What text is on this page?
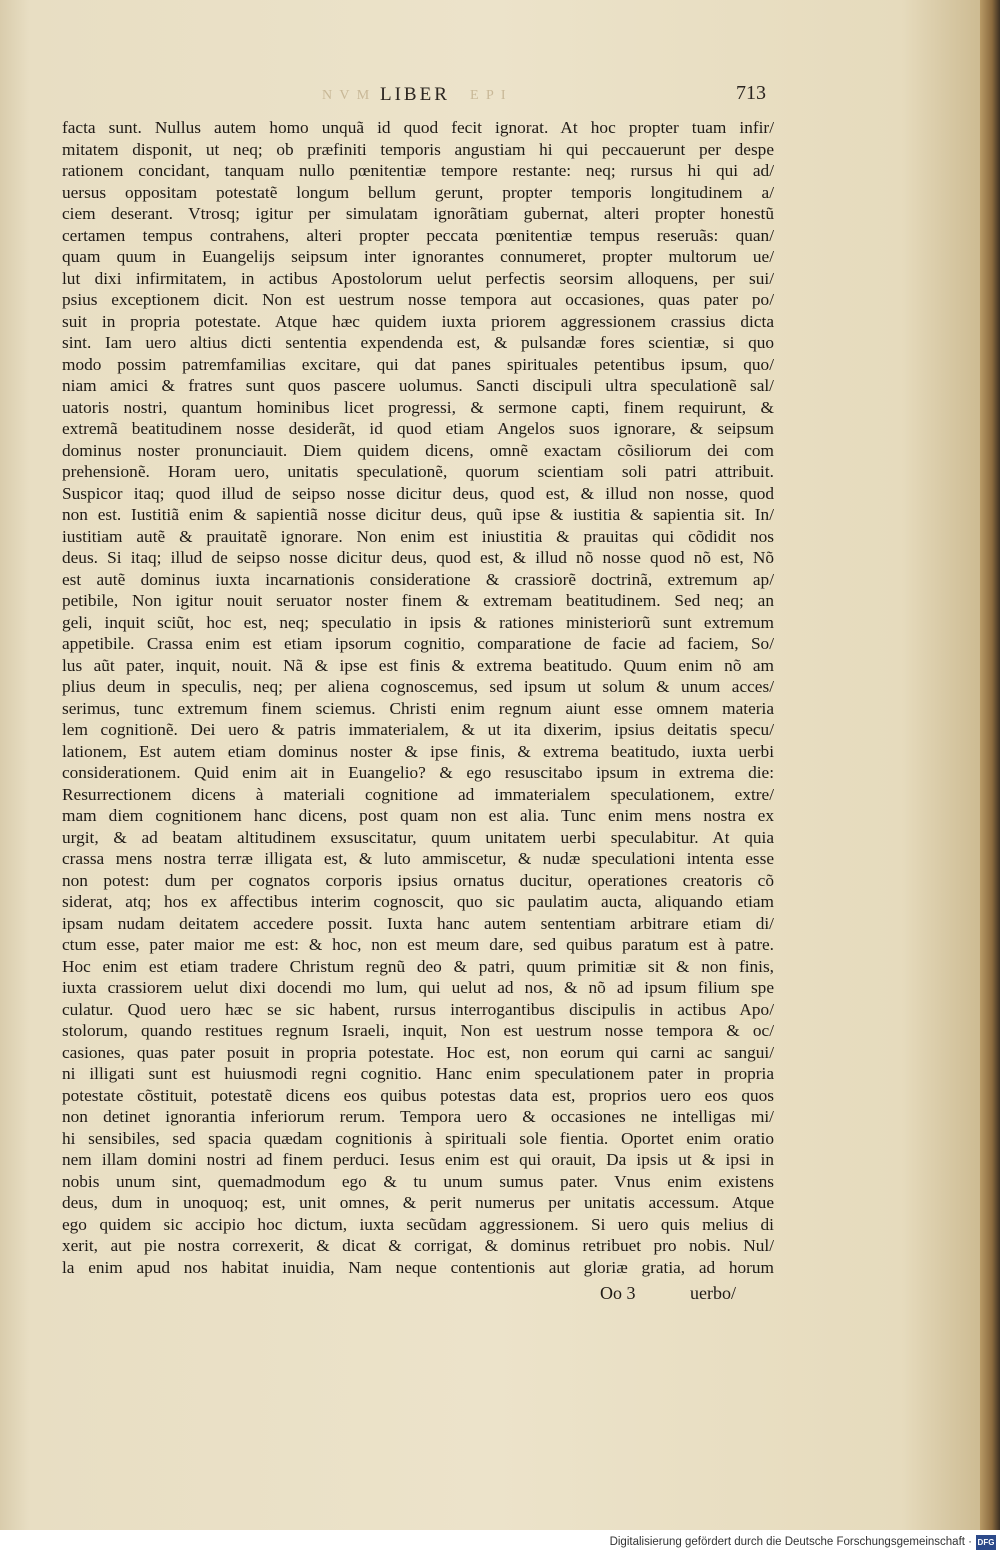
N V M LIBER E P I	713
facta sunt. Nullus autem homo unquã id quod fecit ignorat. At hoc propter tuam infir/
mitatem disponit, ut neq; ob præfiniti temporis angustiam hi qui peccauerunt per despe
rationem concidant, tanquam nullo pœnitentiæ tempore restante: neq; rursus hi qui ad/
uersus oppositam potestatẽ longum bellum gerunt, propter temporis longitudinem a/
ciem deserant. Vtrosq; igitur per simulatam ignorãtiam gubernat, alteri propter honestũ
certamen tempus contrahens, alteri propter peccata pœnitentiæ tempus reseruãs: quan/
quam quum in Euangelijs seipsum inter ignorantes connumeret, propter multorum ue/
lut dixi infirmitatem, in actibus Apostolorum uelut perfectis seorsim alloquens, per sui/
psius exceptionem dicit. Non est uestrum nosse tempora aut occasiones, quas pater po/
suit in propria potestate. Atque hæc quidem iuxta priorem aggressionem crassius dicta
sint. Iam uero altius dicti sententia expendenda est, & pulsandæ fores scientiæ, si quo
modo possim patremfamilias excitare, qui dat panes spirituales petentibus ipsum, quo/
niam amici & fratres sunt quos pascere uolumus. Sancti discipuli ultra speculationẽ sal/
uatoris nostri, quantum hominibus licet progressi, & sermone capti, finem requirunt, &
extremã beatitudinem nosse desiderãt, id quod etiam Angelos suos ignorare, & seipsum
dominus noster pronunciauit. Diem quidem dicens, omnẽ exactam cõsiliorum dei com
prehensionẽ. Horam uero, unitatis speculationẽ, quorum scientiam soli patri attribuit.
Suspicor itaq; quod illud de seipso nosse dicitur deus, quod est, & illud non nosse, quod
non est. Iustitiã enim & sapientiã nosse dicitur deus, quũ ipse & iustitia & sapientia sit. In/
iustitiam autẽ & prauitatẽ ignorare. Non enim est iniustitia & prauitas qui cõdidit nos
deus. Si itaq; illud de seipso nosse dicitur deus, quod est, & illud nõ nosse quod nõ est, Nõ
est autẽ dominus iuxta incarnationis consideratione & crassiorẽ doctrinã, extremum ap/
petibile, Non igitur nouit seruator noster finem & extremam beatitudinem. Sed neq; an
geli, inquit sciũt, hoc est, neq; speculatio in ipsis & rationes ministeriorũ sunt extremum
appetibile. Crassa enim est etiam ipsorum cognitio, comparatione de facie ad faciem, So/
lus aũt pater, inquit, nouit. Nã & ipse est finis & extrema beatitudo. Quum enim nõ am
plius deum in speculis, neq; per aliena cognoscemus, sed ipsum ut solum & unum acces/
serimus, tunc extremum finem sciemus. Christi enim regnum aiunt esse omnem materia
lem cognitionẽ. Dei uero & patris immaterialem, & ut ita dixerim, ipsius deitatis specu/
lationem, Est autem etiam dominus noster & ipse finis, & extrema beatitudo, iuxta uerbi
considerationem. Quid enim ait in Euangelio? & ego resuscitabo ipsum in extrema die:
Resurrectionem dicens à materiali cognitione ad immaterialem speculationem, extre/
mam diem cognitionem hanc dicens, post quam non est alia. Tunc enim mens nostra ex
urgit, & ad beatam altitudinem exsuscitatur, quum unitatem uerbi speculabitur. At quia
crassa mens nostra terræ illigata est, & luto ammiscetur, & nudæ speculationi intenta esse
non potest: dum per cognatos corporis ipsius ornatus ducitur, operationes creatoris cõ
siderat, atq; hos ex affectibus interim cognoscit, quo sic paulatim aucta, aliquando etiam
ipsam nudam deitatem accedere possit. Iuxta hanc autem sententiam arbitrare etiam di/
ctum esse, pater maior me est: & hoc, non est meum dare, sed quibus paratum est à patre.
Hoc enim est etiam tradere Christum regnũ deo & patri, quum primitiæ sit & non finis,
iuxta crassiorem uelut dixi docendi mo lum, qui uelut ad nos, & nõ ad ipsum filium spe
culatur. Quod uero hæc se sic habent, rursus interrogantibus discipulis in actibus Apo/
stolorum, quando restitues regnum Israeli, inquit, Non est uestrum nosse tempora & oc/
casiones, quas pater posuit in propria potestate. Hoc est, non eorum qui carni ac sangui/
ni illigati sunt est huiusmodi regni cognitio. Hanc enim speculationem pater in propria
potestate cõstituit, potestatẽ dicens eos quibus potestas data est, proprios uero eos quos
non detinet ignorantia inferiorum rerum. Tempora uero & occasiones ne intelligas mi/
hi sensibiles, sed spacia quædam cognitionis à spirituali sole fientia. Oportet enim oratio
nem illam domini nostri ad finem perduci. Iesus enim est qui orauit, Da ipsis ut & ipsi in
nobis unum sint, quemadmodum ego & tu unum sumus pater. Vnus enim existens
deus, dum in unoquoq; est, unit omnes, & perit numerus per unitatis accessum. Atque
ego quidem sic accipio hoc dictum, iuxta secũdam aggressionem. Si uero quis melius di
xerit, aut pie nostra correxerit, & dicat & corrigat, & dominus retribuet pro nobis. Nul/
la enim apud nos habitat inuidia, Nam neque contentionis aut gloriæ gratia, ad horum
Oo 3	uerbo/
Digitalisierung gefördert durch die Deutsche Forschungsgemeinschaft · DFG
